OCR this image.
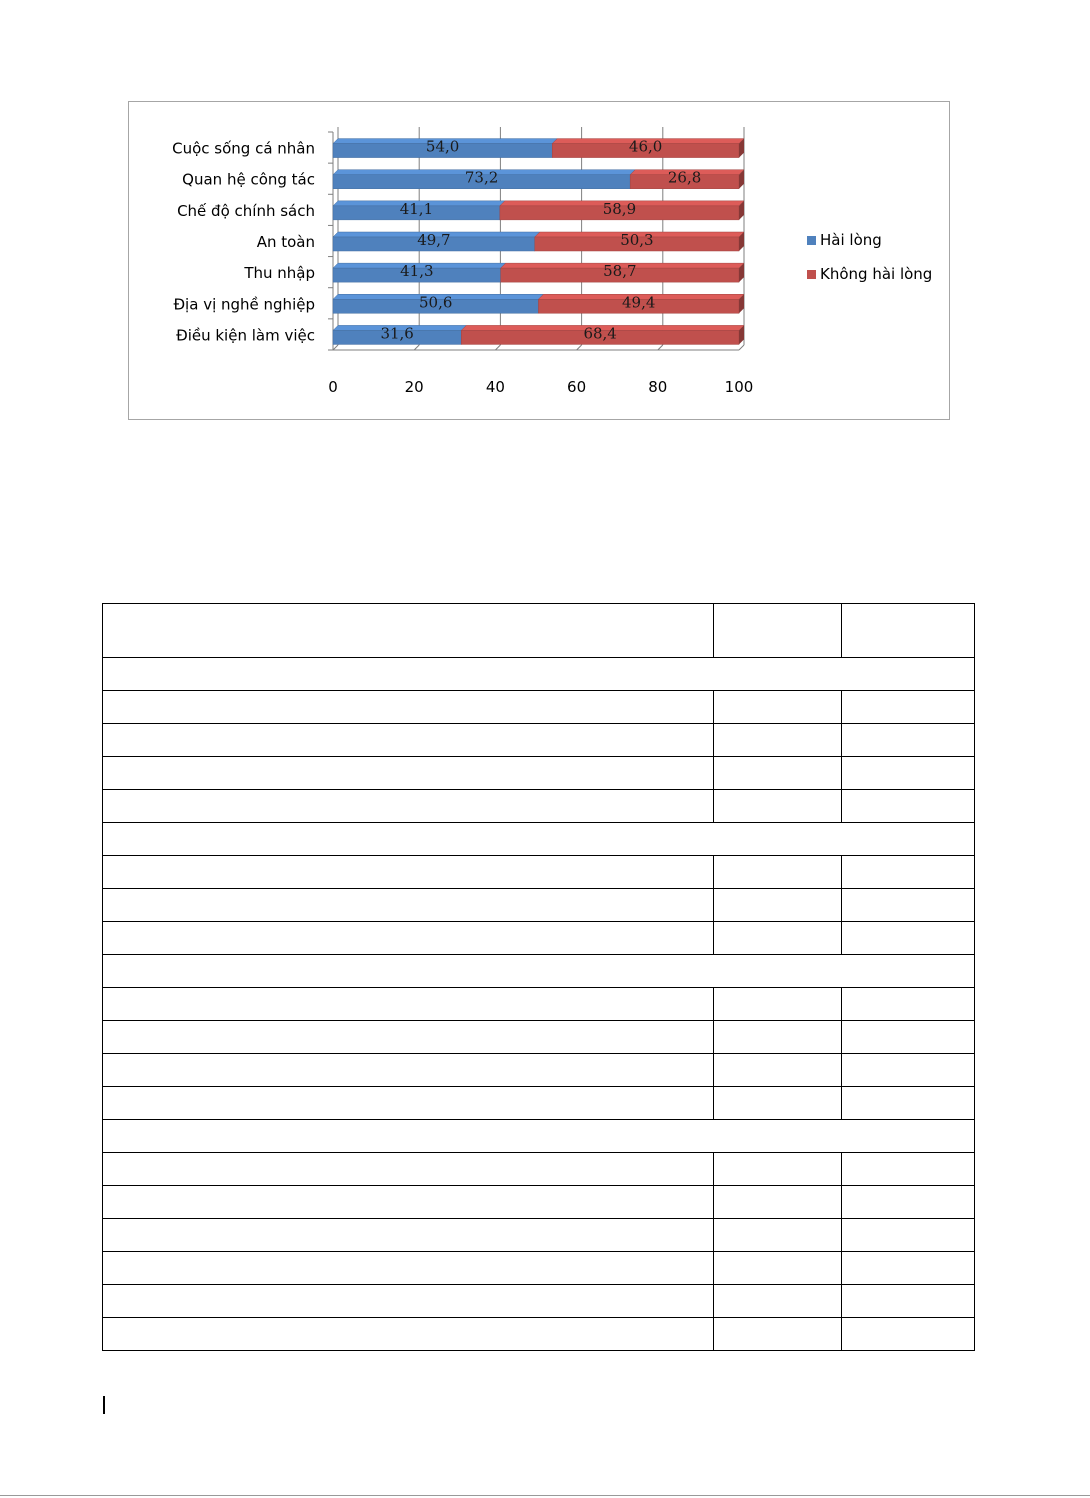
0	20	40	60	80	100
Cuộc sống cá nhân	54,0	46,0
Quan hệ công tác	73,2	26,8
Chế độ chính sách	41,1	58,9
An toàn	49,7	50,3
Thu nhập	41,3	58,7
Địa vị nghề nghiệp	50,6	49,4
Điều kiện làm việc	31,6	68,4
Hài lòng
Không hài lòng
